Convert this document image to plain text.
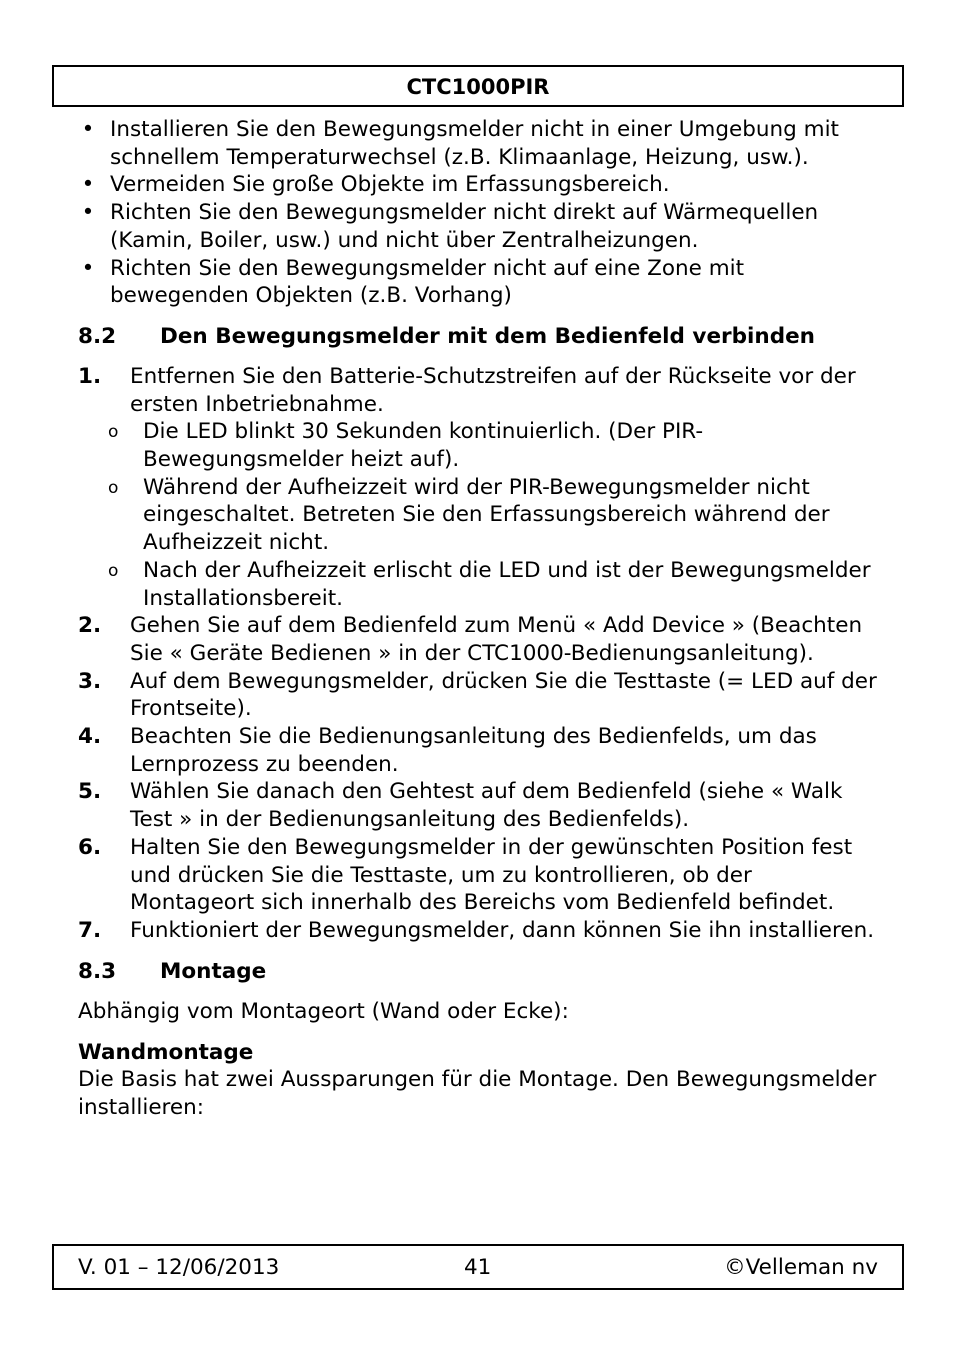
CTC1000PIR
• Installieren Sie den Bewegungsmelder nicht in einer Umgebung mit schnellem Temperaturwechsel (z.B. Klimaanlage, Heizung, usw.).
• Vermeiden Sie große Objekte im Erfassungsbereich.
• Richten Sie den Bewegungsmelder nicht direkt auf Wärmequellen (Kamin, Boiler, usw.) und nicht über Zentralheizungen.
• Richten Sie den Bewegungsmelder nicht auf eine Zone mit bewegenden Objekten (z.B. Vorhang)
8.2	Den Bewegungsmelder mit dem Bedienfeld verbinden
1. Entfernen Sie den Batterie-Schutzstreifen auf der Rückseite vor der ersten Inbetriebnahme.
o Die LED blinkt 30 Sekunden kontinuierlich. (Der PIR-Bewegungsmelder heizt auf).
o Während der Aufheizzeit wird der PIR-Bewegungsmelder nicht eingeschaltet. Betreten Sie den Erfassungsbereich während der Aufheizzeit nicht.
o Nach der Aufheizzeit erlischt die LED und ist der Bewegungsmelder Installationsbereit.
2. Gehen Sie auf dem Bedienfeld zum Menü « Add Device » (Beachten Sie « Geräte Bedienen » in der CTC1000-Bedienungsanleitung).
3. Auf dem Bewegungsmelder, drücken Sie die Testtaste (= LED auf der Frontseite).
4. Beachten Sie die Bedienungsanleitung des Bedienfelds, um das Lernprozess zu beenden.
5. Wählen Sie danach den Gehtest auf dem Bedienfeld (siehe « Walk Test » in der Bedienungsanleitung des Bedienfelds).
6. Halten Sie den Bewegungsmelder in der gewünschten Position fest und drücken Sie die Testtaste, um zu kontrollieren, ob der Montageort sich innerhalb des Bereichs vom Bedienfeld befindet.
7. Funktioniert der Bewegungsmelder, dann können Sie ihn installieren.
8.3	Montage

Abhängig vom Montageort (Wand oder Ecke):

Wandmontage

Die Basis hat zwei Aussparungen für die Montage. Den Bewegungsmelder installieren:

V. 01 – 12/06/2013	41	©Velleman nv
